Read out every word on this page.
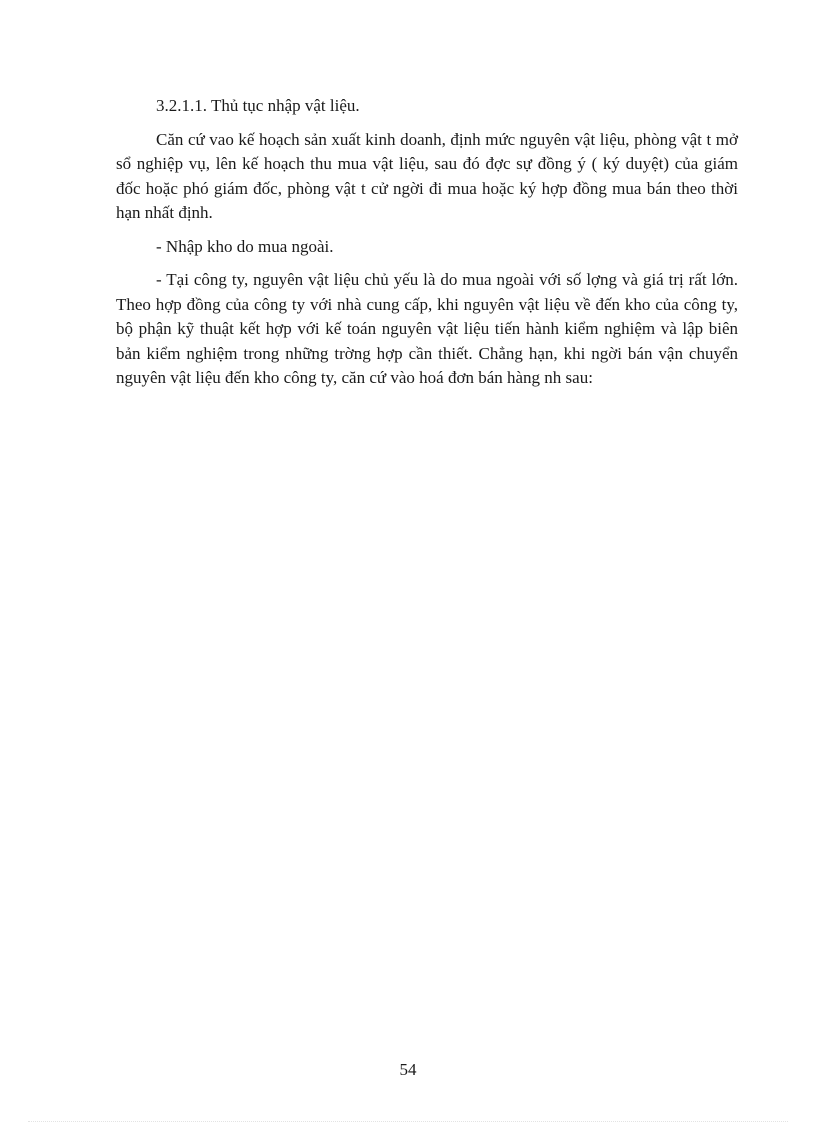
3.2.1.1. Thủ tục nhập vật liệu.

Căn cứ vao kế hoạch sản xuất kinh doanh, định mức nguyên vật liệu, phòng vật t mở sổ nghiệp vụ, lên kế hoạch thu mua vật liệu, sau đó đợc sự đồng ý ( ký duyệt) của giám đốc hoặc phó giám đốc, phòng vật t cử ngời đi mua hoặc ký hợp đồng mua bán theo thời hạn nhất định.

- Nhập kho do mua ngoài.

- Tại công ty, nguyên vật liệu chủ yếu là do mua ngoài với số lợng và giá trị rất lớn. Theo hợp đồng của công ty với nhà cung cấp, khi nguyên vật liệu về đến kho của công ty, bộ phận kỹ thuật kết hợp với kế toán nguyên vật liệu tiến hành kiểm nghiệm và lập biên bản kiểm nghiệm trong những trờng hợp cần thiết. Chẳng hạn, khi ngời bán vận chuyển nguyên vật liệu đến kho công ty, căn cứ vào hoá đơn bán hàng nh sau:

54
